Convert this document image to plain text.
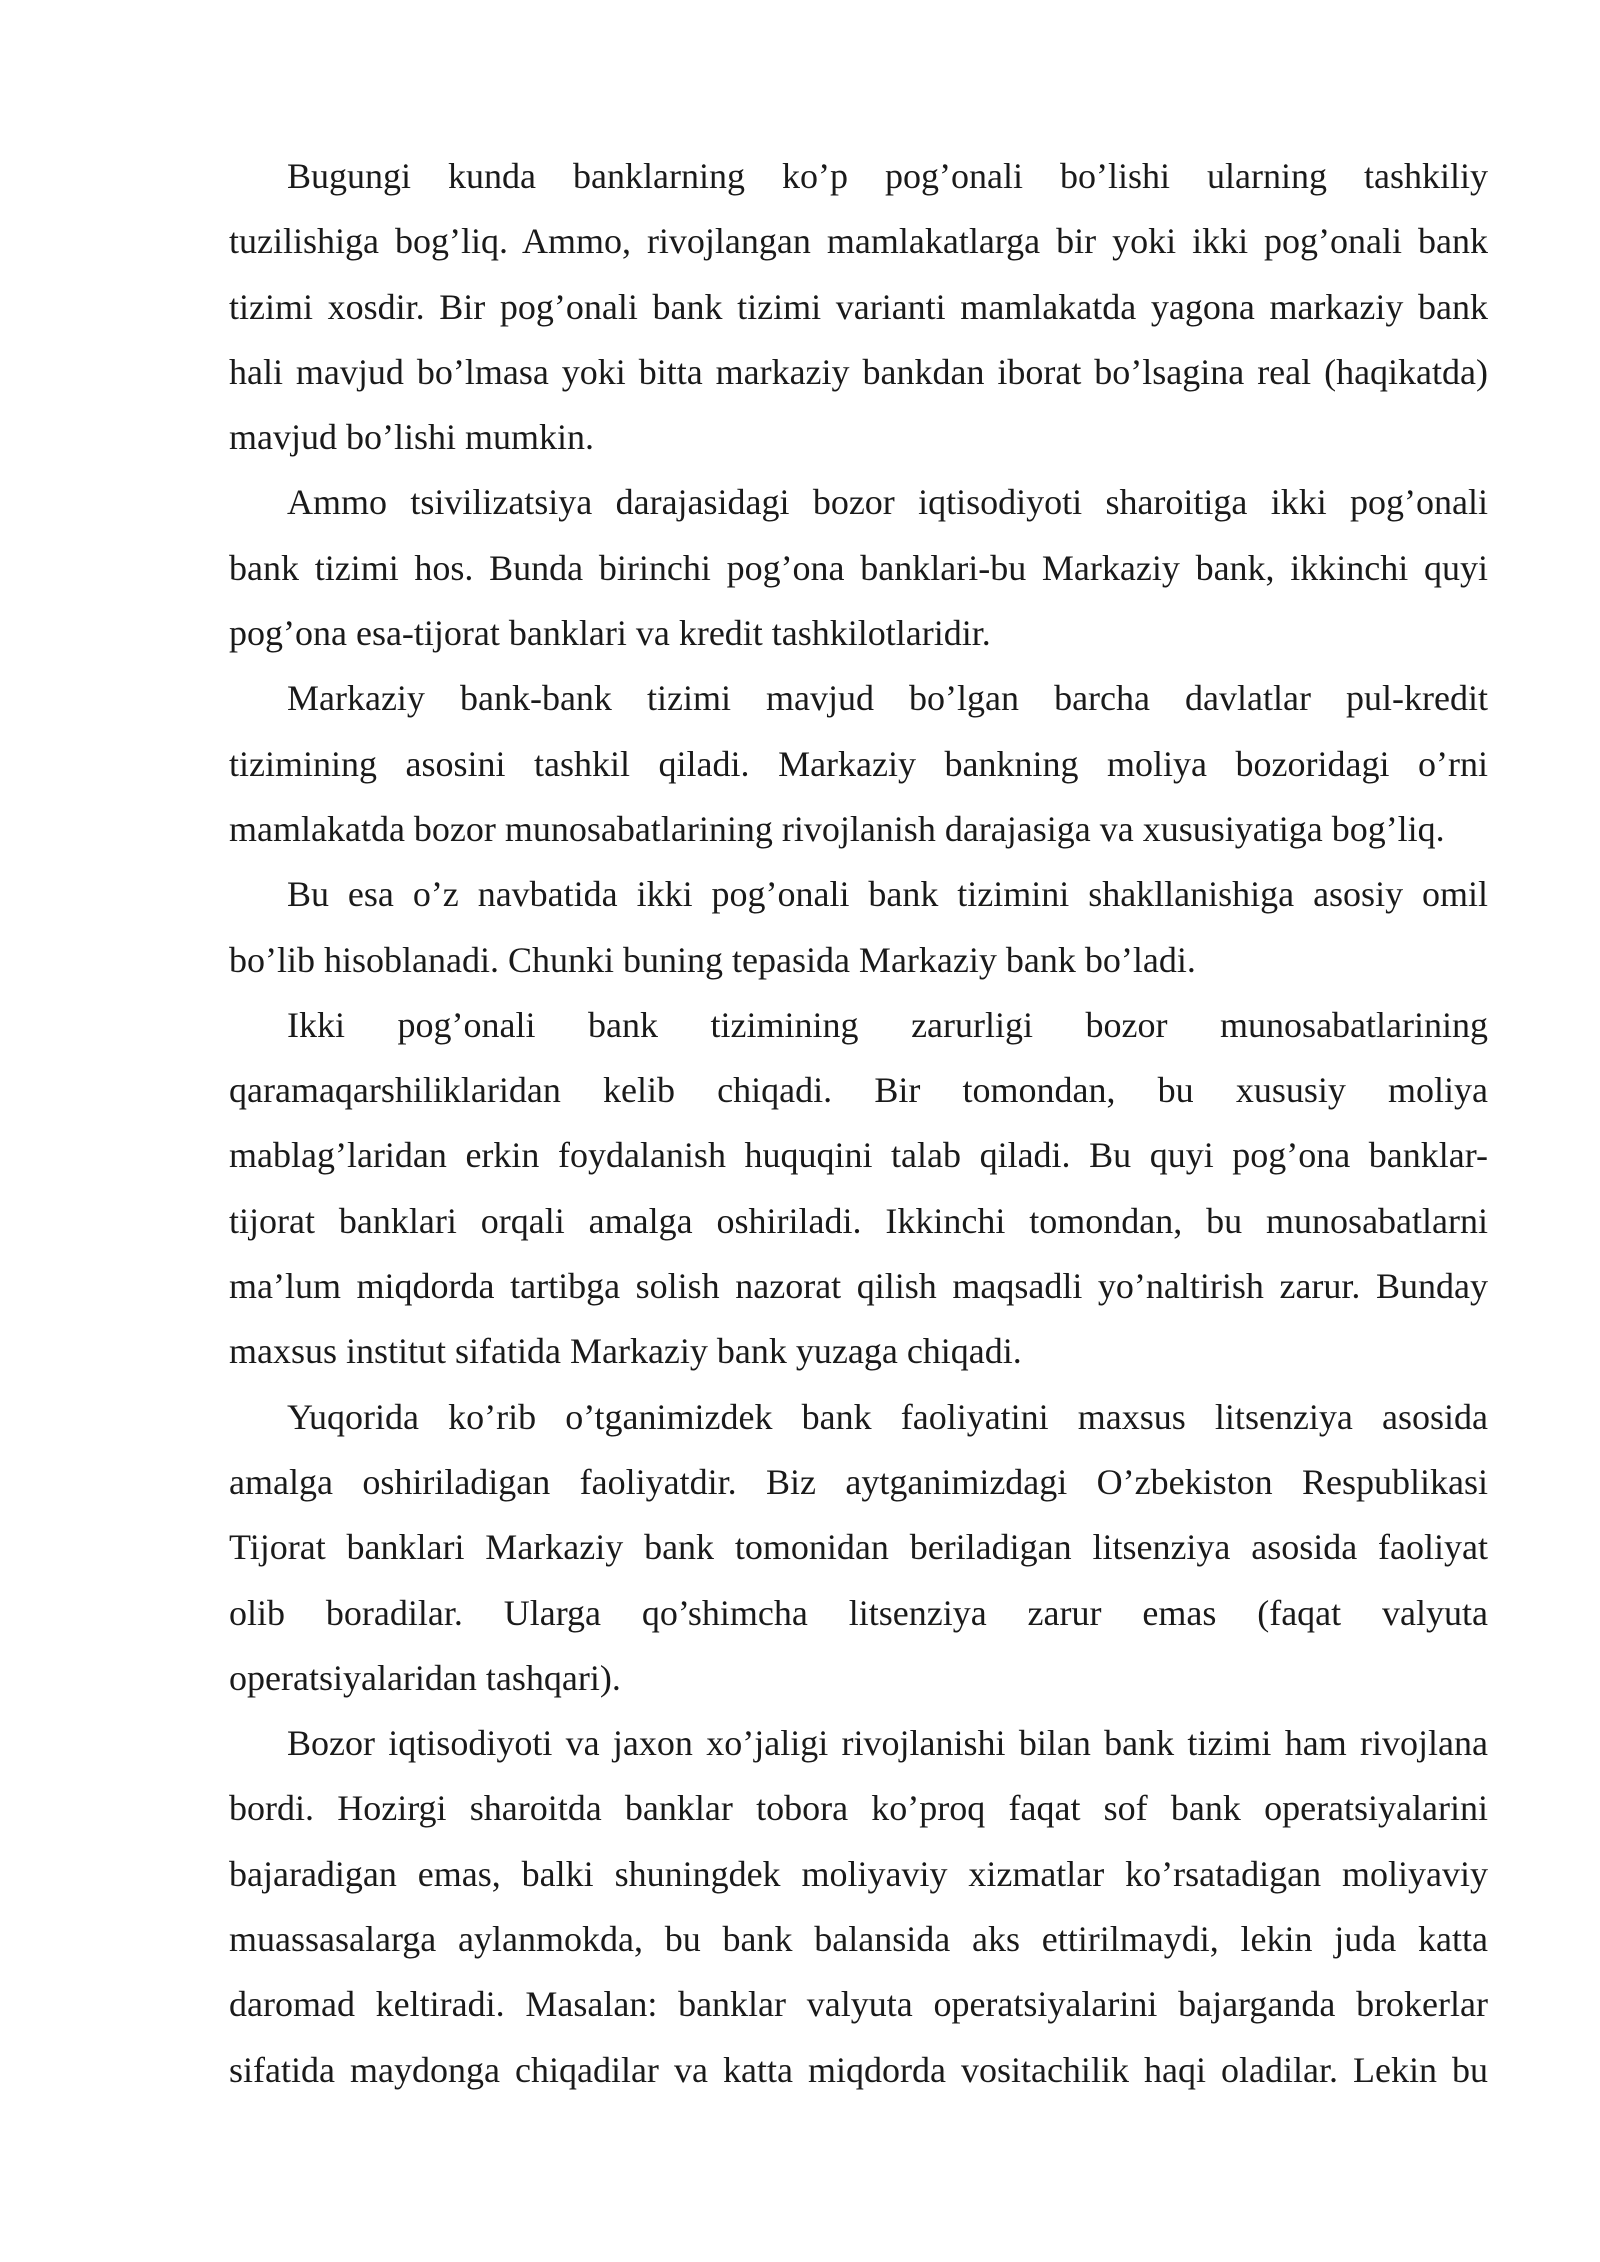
Bugungi kunda banklarning ko’p pog’onali bo’lishi ularning tashkiliy
tuzilishiga bog’liq. Ammo, rivojlangan mamlakatlarga bir yoki ikki pog’onali bank
tizimi xosdir. Bir pog’onali bank tizimi varianti mamlakatda yagona markaziy bank
hali mavjud bo’lmasa yoki bitta markaziy bankdan iborat bo’lsagina real (haqikatda)
mavjud bo’lishi mumkin.
Ammo tsivilizatsiya darajasidagi bozor iqtisodiyoti sharoitiga ikki pog’onali
bank tizimi hos. Bunda birinchi pog’ona banklari-bu Markaziy bank, ikkinchi quyi
pog’ona esa-tijorat banklari va kredit tashkilotlaridir.
Markaziy bank-bank tizimi mavjud bo’lgan barcha davlatlar pul-kredit
tizimining asosini tashkil qiladi. Markaziy bankning moliya bozoridagi o’rni
mamlakatda bozor munosabatlarining rivojlanish darajasiga va xususiyatiga bog’liq.
Bu esa o’z navbatida ikki pog’onali bank tizimini shakllanishiga asosiy omil
bo’lib hisoblanadi. Chunki buning tepasida Markaziy bank bo’ladi.
Ikki pog’onali bank tizimining zarurligi bozor munosabatlarining
qaramaqarshiliklaridan kelib chiqadi. Bir tomondan, bu xususiy moliya
mablag’laridan erkin foydalanish huquqini talab qiladi. Bu quyi pog’ona banklar-
tijorat banklari orqali amalga oshiriladi. Ikkinchi tomondan, bu munosabatlarni
ma’lum miqdorda tartibga solish nazorat qilish maqsadli yo’naltirish zarur. Bunday
maxsus institut sifatida Markaziy bank yuzaga chiqadi.
Yuqorida ko’rib o’tganimizdek bank faoliyatini maxsus litsenziya asosida
amalga oshiriladigan faoliyatdir. Biz aytganimizdagi O’zbekiston Respublikasi
Tijorat banklari Markaziy bank tomonidan beriladigan litsenziya asosida faoliyat
olib boradilar. Ularga qo’shimcha litsenziya zarur emas (faqat valyuta
operatsiyalaridan tashqari).
Bozor iqtisodiyoti va jaxon xo’jaligi rivojlanishi bilan bank tizimi ham rivojlana
bordi. Hozirgi sharoitda banklar tobora ko’proq faqat sof bank operatsiyalarini
bajaradigan emas, balki shuningdek moliyaviy xizmatlar ko’rsatadigan moliyaviy
muassasalarga aylanmokda, bu bank balansida aks ettirilmaydi, lekin juda katta
daromad keltiradi. Masalan: banklar valyuta operatsiyalarini bajarganda brokerlar
sifatida maydonga chiqadilar va katta miqdorda vositachilik haqi oladilar. Lekin bu
